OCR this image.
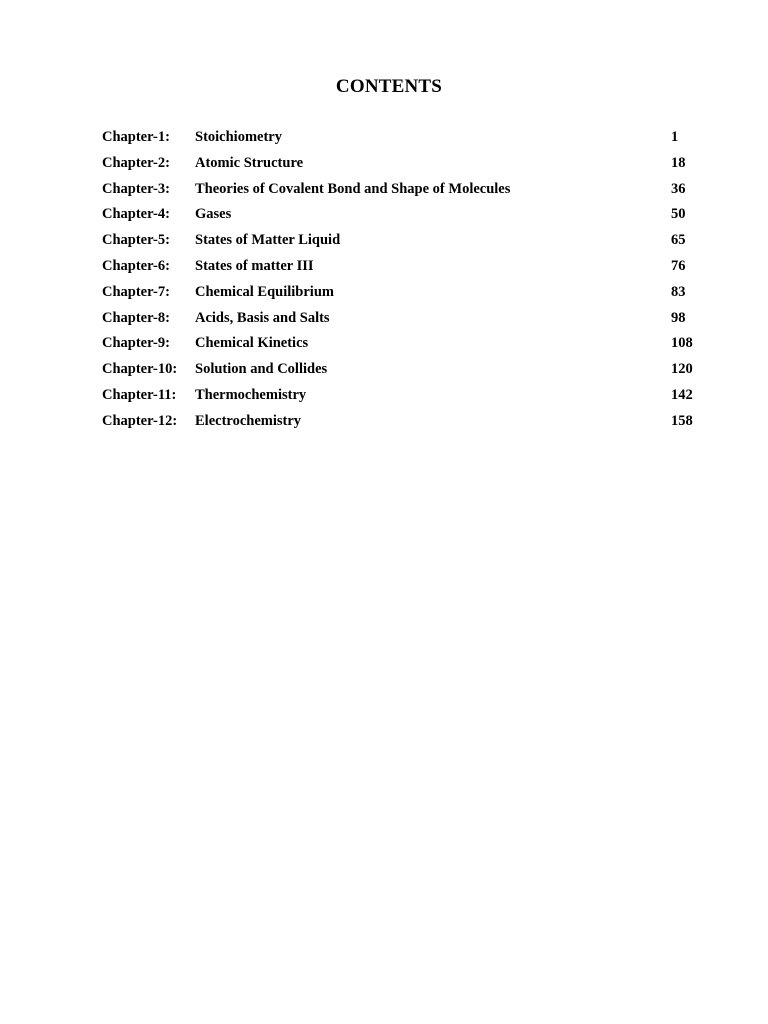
CONTENTS
Chapter-1: Stoichiometry	1
Chapter-2: Atomic Structure	18
Chapter-3: Theories of Covalent Bond and Shape of Molecules	36
Chapter-4: Gases	50
Chapter-5: States of Matter Liquid	65
Chapter-6: States of matter III	76
Chapter-7: Chemical Equilibrium	83
Chapter-8: Acids, Basis and Salts	98
Chapter-9: Chemical Kinetics	108
Chapter-10: Solution and Collides	120
Chapter-11: Thermochemistry	142
Chapter-12: Electrochemistry	158
